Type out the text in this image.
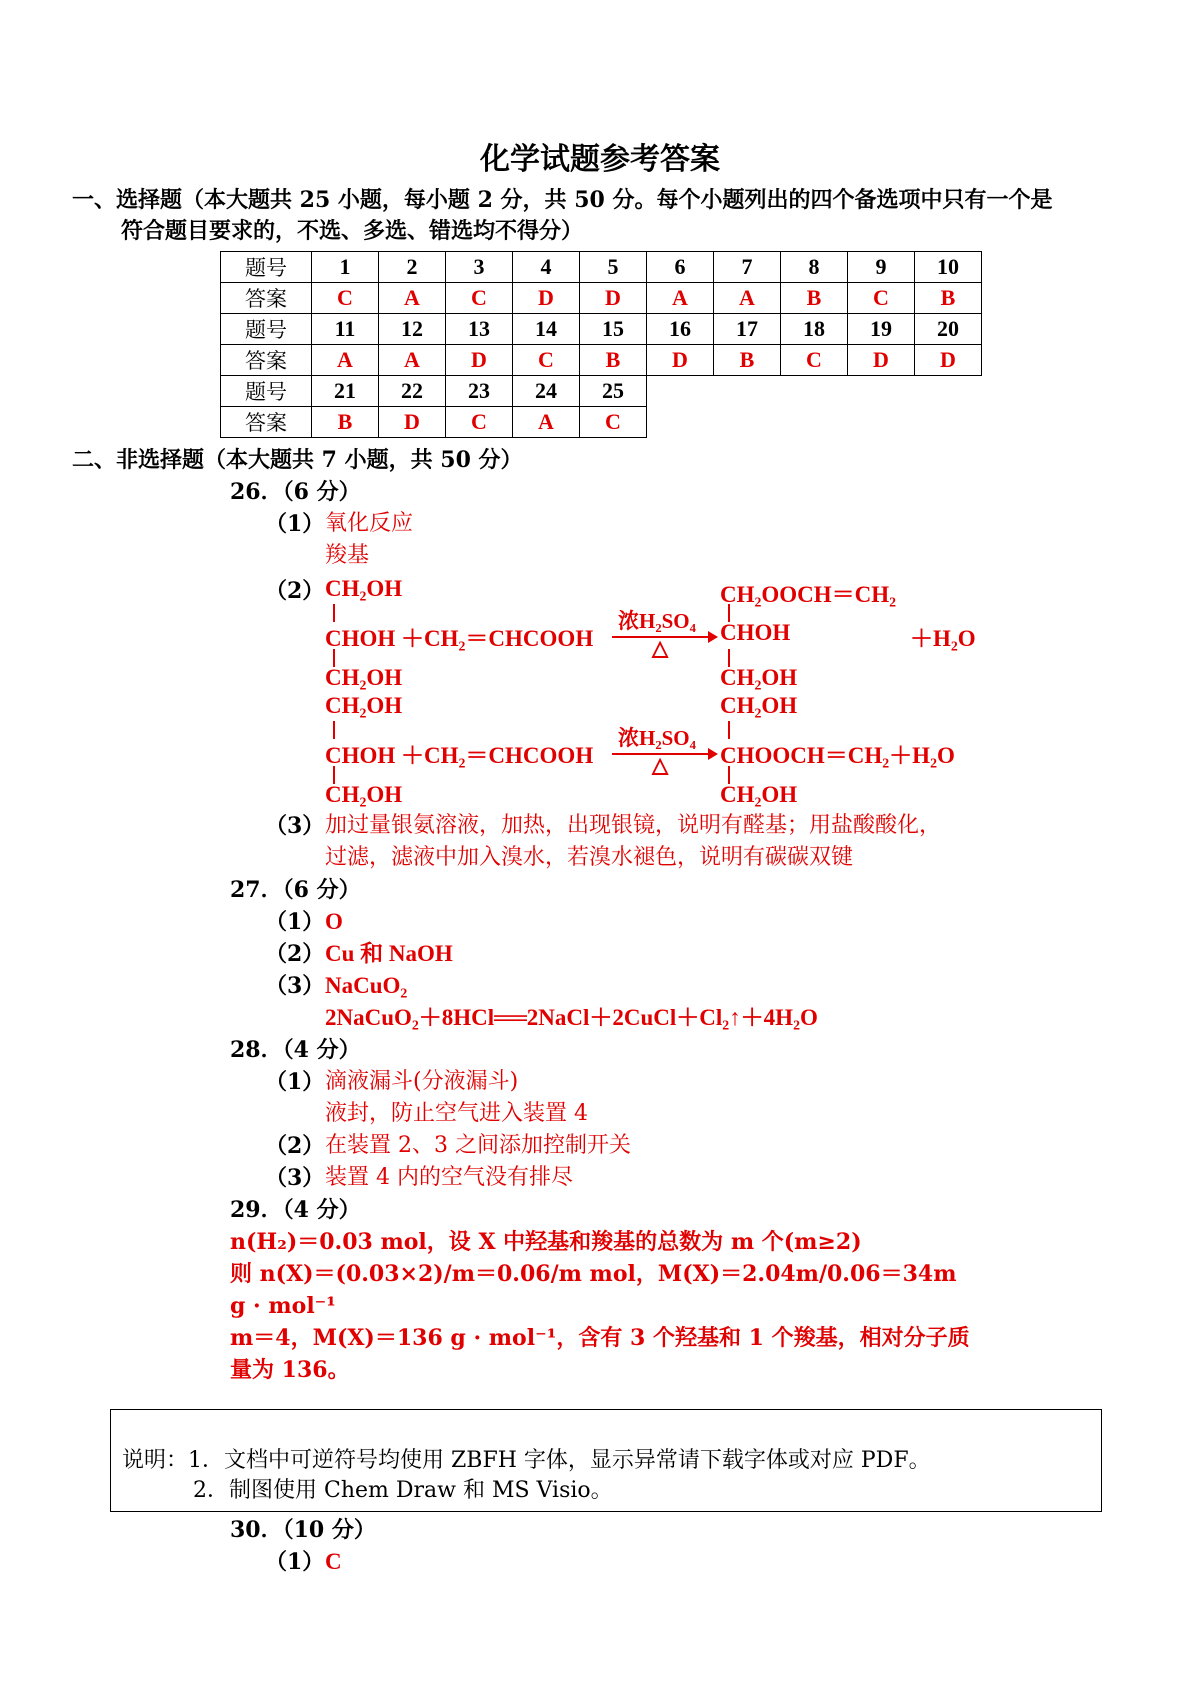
化学试题参考答案
一、选择题（本大题共 25 小题，每小题 2 分，共 50 分。每个小题列出的四个备选项中只有一个是
符合题目要求的，不选、多选、错选均不得分）
题号	1	2	3	4	5	6	7	8	9	10
答案	C	A	C	D	D	A	A	B	C	B
题号	11	12	13	14	15	16	17	18	19	20
答案	A	A	D	C	B	D	B	C	D	D
题号	21	22	23	24	25					
答案	B	D	C	A	C					
二、非选择题（本大题共 7 小题，共 50 分）
26．（6 分）
（1） 氧化反应
羧基
（2） CH₂OH
CHOH ＋CH₂＝CHCOOH
CH₂OH
浓H₂SO₄
△
CH₂OOCH＝CH₂
CHOH	＋H₂O
CH₂OH
CH₂OH
CHOH ＋CH₂＝CHCOOH
CH₂OH
浓H₂SO₄
△
CH₂OH
CHOOCH＝CH₂＋H₂O
CH₂OH
（3） 加过量银氨溶液，加热，出现银镜，说明有醛基；用盐酸酸化，
过滤，滤液中加入溴水，若溴水褪色，说明有碳碳双键
27．（6 分）
（1） O
（2） Cu 和 NaOH
（3） NaCuO₂
2NaCuO₂＋8HCl══2NaCl＋2CuCl＋Cl₂↑＋4H₂O
28．（4 分）
（1） 滴液漏斗(分液漏斗)
液封，防止空气进入装置 4
（2） 在装置 2、3 之间添加控制开关
（3） 装置 4 内的空气没有排尽
29．（4 分）
n(H₂)＝0.03 mol，设 X 中羟基和羧基的总数为 m 个(m≥2)
则 n(X)＝(0.03×2)/m＝0.06/m mol，M(X)＝2.04m/0.06＝34m
g · mol⁻¹
m＝4，M(X)＝136 g · mol⁻¹，含有 3 个羟基和 1 个羧基，相对分子质
量为 136。
说明：1．文档中可逆符号均使用 ZBFH 字体，显示异常请下载字体或对应 PDF。
2．制图使用 Chem Draw 和 MS Visio。
30．（10 分）
（1） C
